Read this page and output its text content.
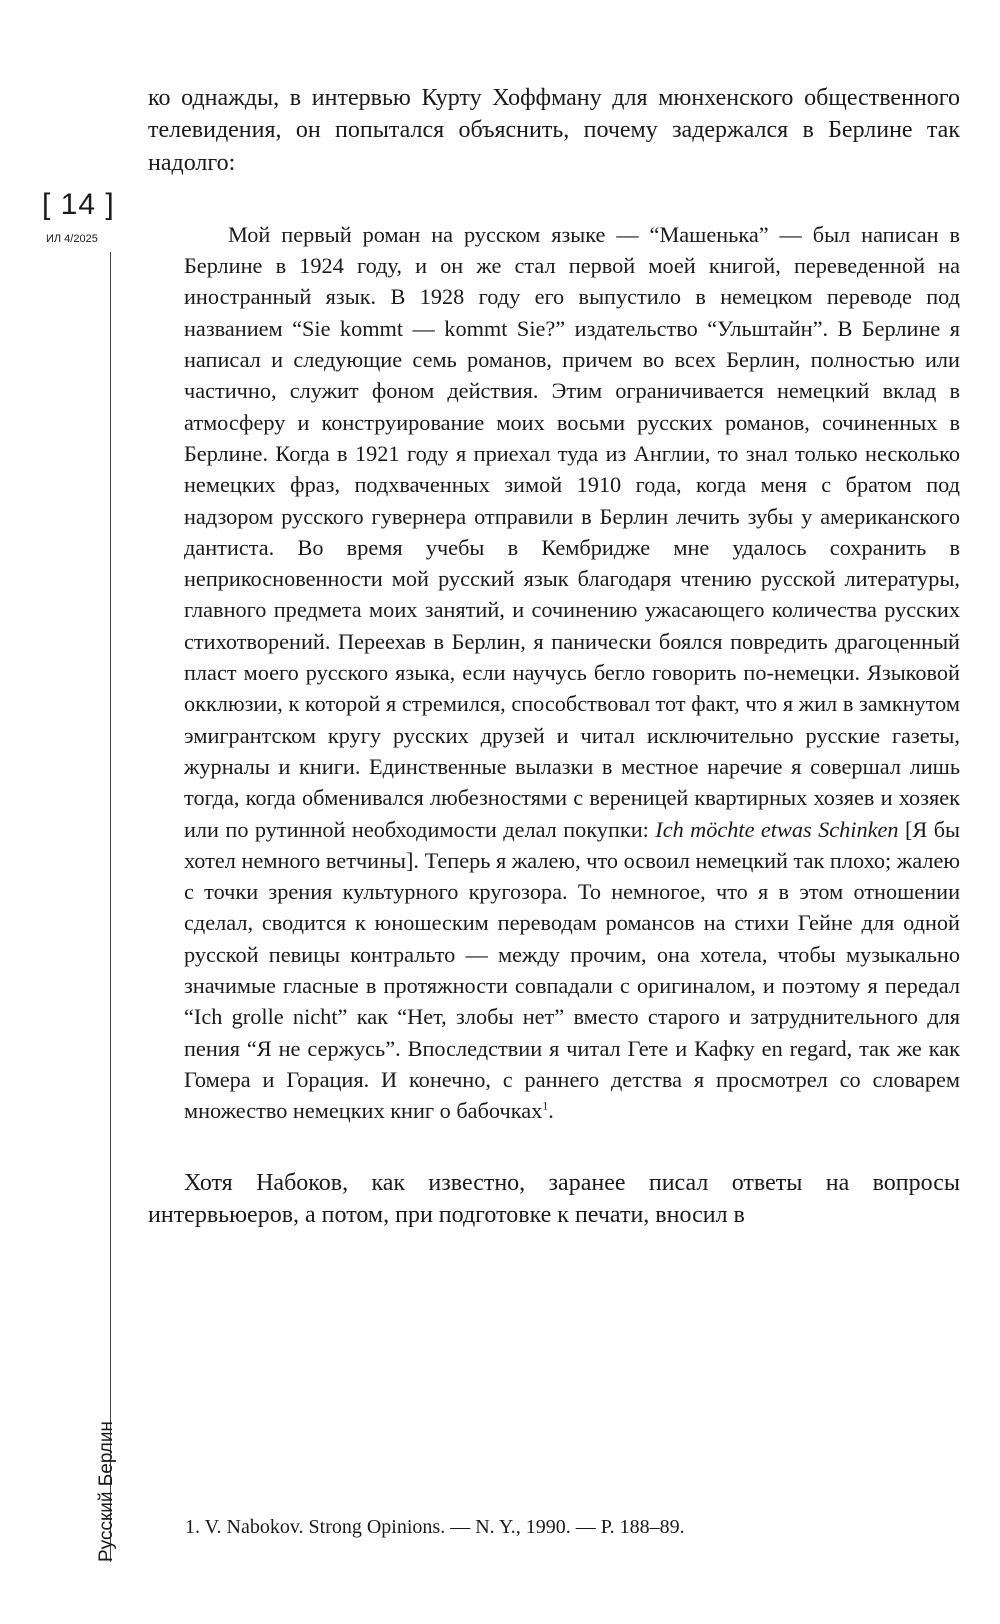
[ 14 ]
ИЛ 4/2025
Русский Берлин

ко однажды, в интервью Курту Хоффману для мюнхенского общественного телевидения, он попытался объяснить, почему задержался в Берлине так надолго:

Мой первый роман на русском языке — “Машенька” — был написан в Берлине в 1924 году, и он же стал первой моей книгой, переведенной на иностранный язык. В 1928 году его выпустило в немецком переводе под названием “Sie kommt — kommt Sie?” издательство “Ульштайн”. В Берлине я написал и следующие семь романов, причем во всех Берлин, полностью или частично, служит фоном действия. Этим ограничивается немецкий вклад в атмосферу и конструирование моих восьми русских романов, сочиненных в Берлине. Когда в 1921 году я приехал туда из Англии, то знал только несколько немецких фраз, подхваченных зимой 1910 года, когда меня с братом под надзором русского гувернера отправили в Берлин лечить зубы у американского дантиста. Во время учебы в Кембридже мне удалось сохранить в неприкосновенности мой русский язык благодаря чтению русской литературы, главного предмета моих занятий, и сочинению ужасающего количества русских стихотворений. Переехав в Берлин, я панически боялся повредить драгоценный пласт моего русского языка, если научусь бегло говорить по-немецки. Языковой окклюзии, к которой я стремился, способствовал тот факт, что я жил в замкнутом эмигрантском кругу русских друзей и читал исключительно русские газеты, журналы и книги. Единственные вылазки в местное наречие я совершал лишь тогда, когда обменивался любезностями с вереницей квартирных хозяев и хозяек или по рутинной необходимости делал покупки: Ich möchte etwas Schinken [Я бы хотел немного ветчины]. Теперь я жалею, что освоил немецкий так плохо; жалею с точки зрения культурного кругозора. То немногое, что я в этом отношении сделал, сводится к юношеским переводам романсов на стихи Гейне для одной русской певицы контральто — между прочим, она хотела, чтобы музыкально значимые гласные в протяжности совпадали с оригиналом, и поэтому я передал “Ich grolle nicht” как “Нет, злобы нет” вместо старого и затруднительного для пения “Я не сержусь”. Впоследствии я читал Гете и Кафку en regard, так же как Гомера и Горация. И конечно, с раннего детства я просмотрел со словарем множество немецких книг о бабочках$^1$.

Хотя Набоков, как известно, заранее писал ответы на вопросы интервьюеров, а потом, при подготовке к печати, вносил в

1. V. Nabokov. Strong Opinions. — N. Y., 1990. — P. 188–89.
